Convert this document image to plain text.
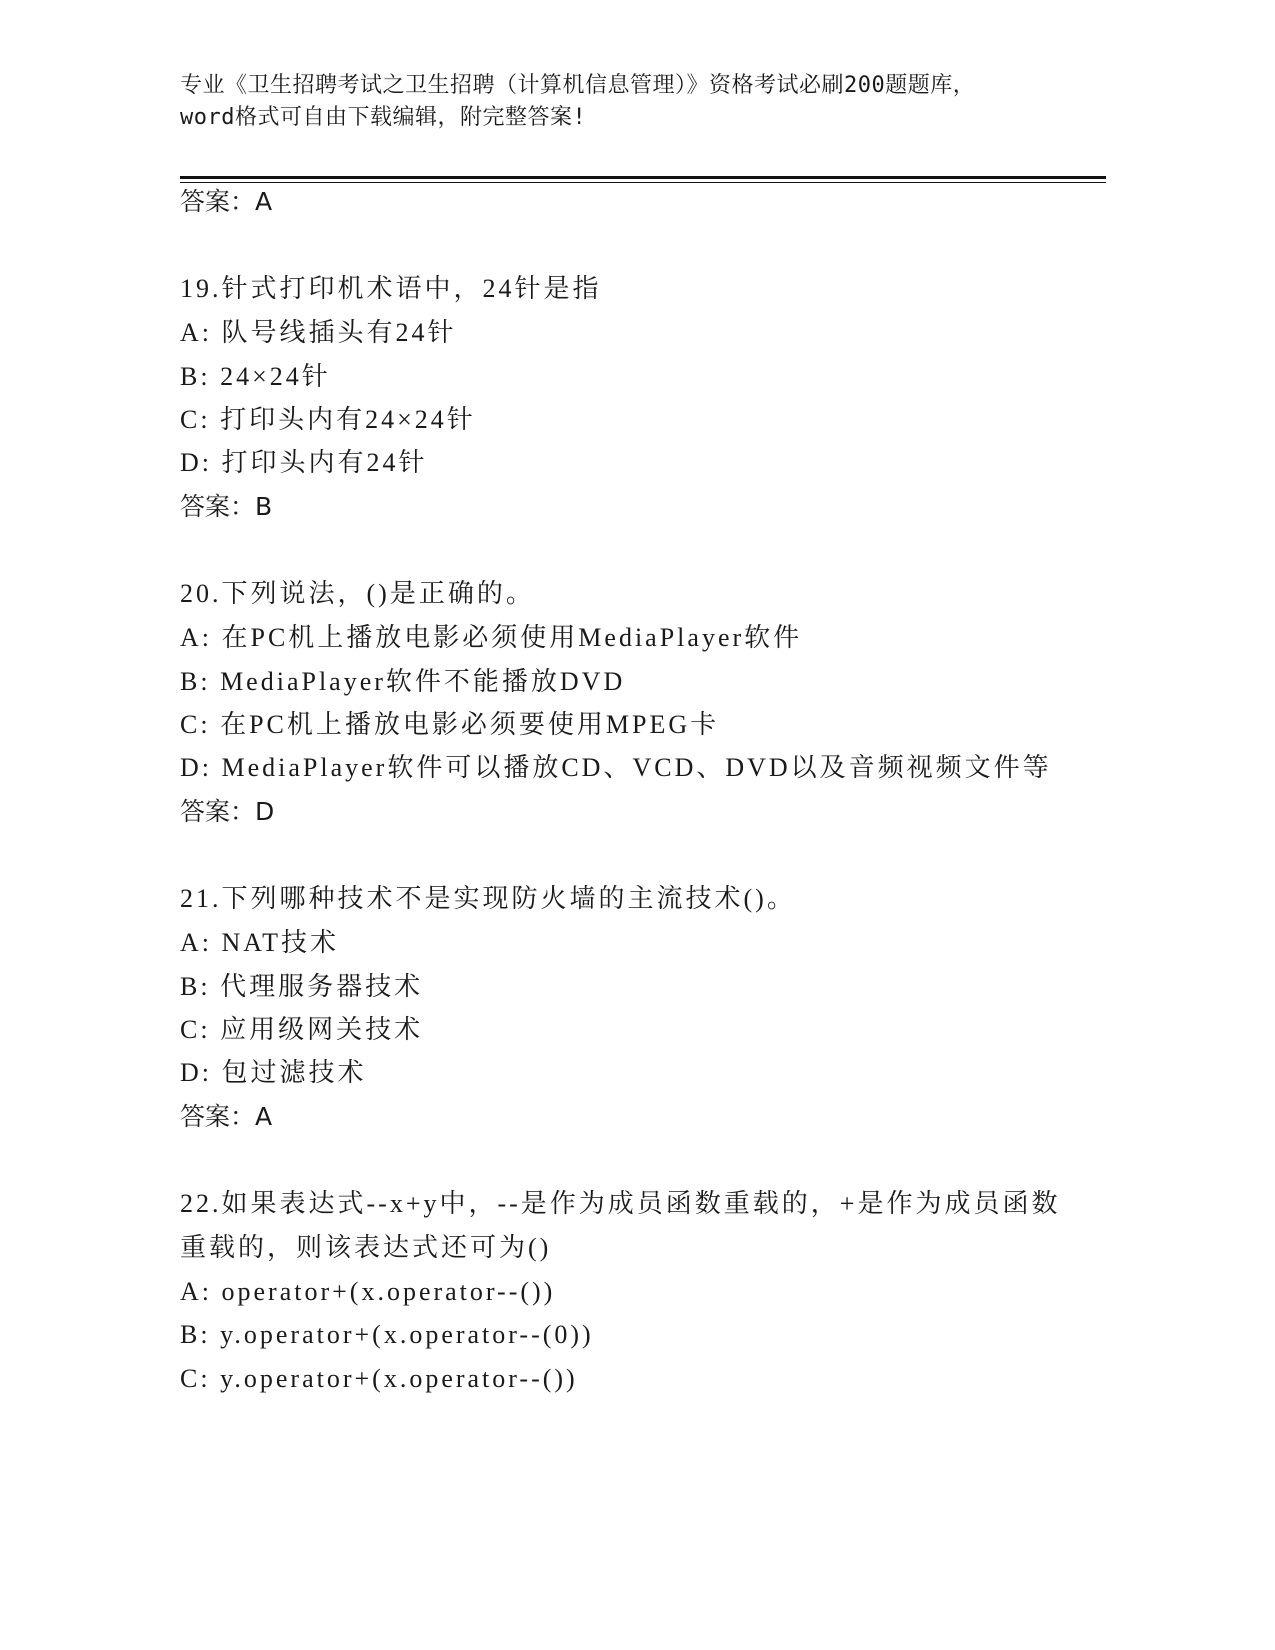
专业《卫生招聘考试之卫生招聘（计算机信息管理）》资格考试必刷200题题库，
word格式可自由下载编辑，附完整答案!
答案：A
19.针式打印机术语中，24针是指
A: 队号线插头有24针
B: 24×24针
C: 打印头内有24×24针
D: 打印头内有24针
答案：B
20.下列说法，()是正确的。
A: 在PC机上播放电影必须使用MediaPlayer软件
B: MediaPlayer软件不能播放DVD
C: 在PC机上播放电影必须要使用MPEG卡
D: MediaPlayer软件可以播放CD、VCD、DVD以及音频视频文件等
答案：D
21.下列哪种技术不是实现防火墙的主流技术()。
A: NAT技术
B: 代理服务器技术
C: 应用级网关技术
D: 包过滤技术
答案：A
22.如果表达式--x+y中，--是作为成员函数重载的，+是作为成员函数
重载的，则该表达式还可为()
A: operator+(x.operator--())
B: y.operator+(x.operator--(0))
C: y.operator+(x.operator--())
